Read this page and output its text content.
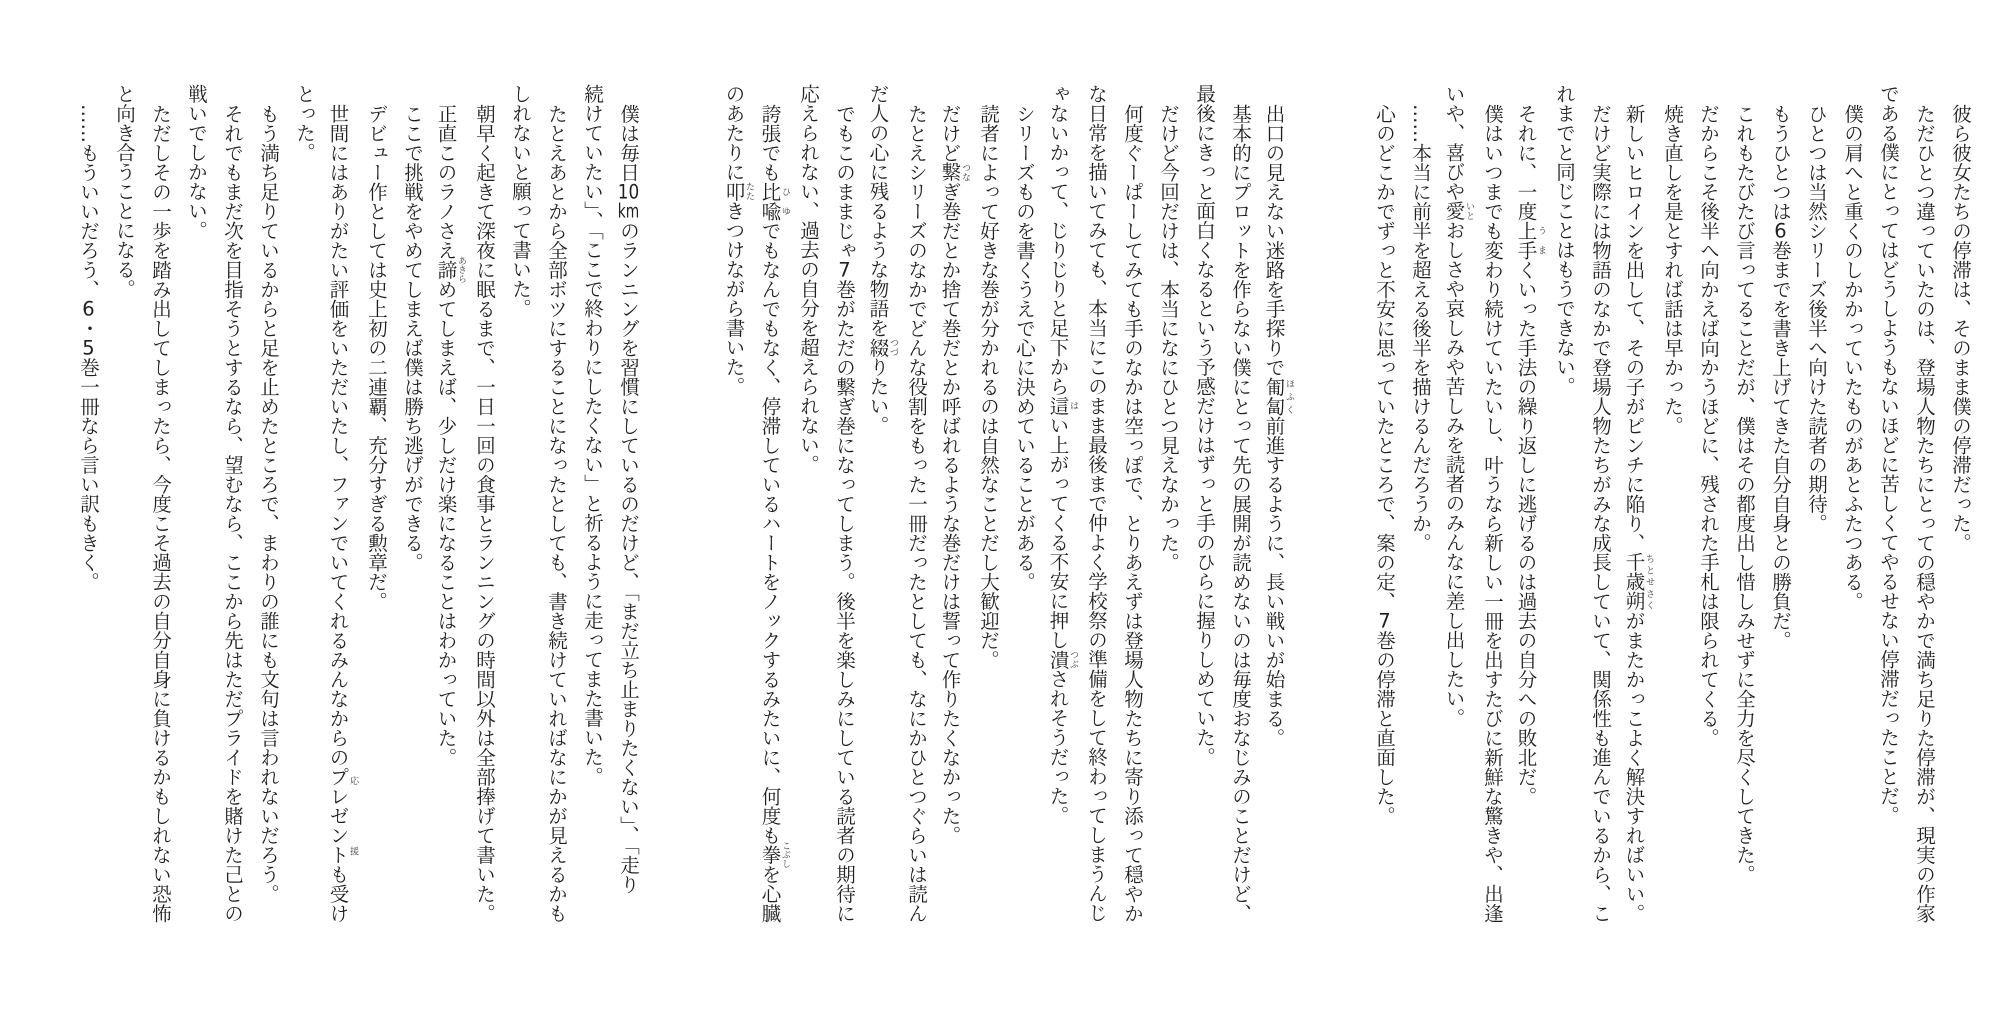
彼ら彼女たちの停滞は、そのまま僕の停滞だった。
ただひとつ違っていたのは、登場人物たちにとっての穏やかで満ち足りた停滞が、現実の作家
である僕にとってはどうしようもないほどに苦しくてやるせない停滞だったことだ。
僕の肩へと重くのしかかっていたものがあとふたつある。
ひとつは当然シリーズ後半へ向けた読者の期待。
もうひとつは6巻までを書き上げてきた自分自身との勝負だ。
これもたびたび言ってることだが、僕はその都度出し惜しみせずに全力を尽くしてきた。
だからこそ後半へ向かえば向かうほどに、残された手札は限られてくる。
焼き直しを是とすれば話は早かった。
新しいヒロインを出して、その子がピンチに陥り、千歳朔ちとせさくがまたかっこよく解決すればいい。
だけど実際には物語のなかで登場人物たちがみな成長していて、関係性も進んでいるから、こ
れまでと同じことはもうできない。
それに、一度上手うまくいった手法の繰り返しに逃げるのは過去の自分への敗北だ。
僕はいつまでも変わり続けていたいし、叶うなら新しい一冊を出すたびに新鮮な驚きや、出逢
いや、喜びや愛いとおしさや哀しみや苦しみを読者のみんなに差し出したい。
……本当に前半を超える後半を描けるんだろうか。
心のどこかでずっと不安に思っていたところで、案の定、7巻の停滞と直面した。
出口の見えない迷路を手探りで匍匐ほふく前進するように、長い戦いが始まる。
基本的にプロットを作らない僕にとって先の展開が読めないのは毎度おなじみのことだけど、
最後にきっと面白くなるという予感だけはずっと手のひらに握りしめていた。
だけど今回だけは、本当になにひとつ見えなかった。
何度ぐーぱーしてみても手のなかは空っぽで、とりあえずは登場人物たちに寄り添って穏やか
な日常を描いてみても、本当にこのまま最後まで仲よく学校祭の準備をして終わってしまうんじ
ゃないかって、じりじりと足下から這はい上がってくる不安に押し潰つぶされそうだった。
シリーズものを書くうえで心に決めていることがある。
読者によって好きな巻が分かれるのは自然なことだし大歓迎だ。
だけど繋つなぎ巻だとか捨て巻だとか呼ばれるような巻だけは誓って作りたくなかった。
たとえシリーズのなかでどんな役割をもった一冊だったとしても、なにかひとつぐらいは読ん
だ人の心に残るような物語を綴つづりたい。
でもこのままじゃ7巻がただの繋ぎ巻になってしまう。後半を楽しみにしている読者の期待に
応えられない、過去の自分を超えられない。
誇張でも比喩ひゆでもなんでもなく、停滞しているハートをノックするみたいに、何度も拳こぶしを心臓
のあたりに叩たたきつけながら書いた。
僕は毎日10kmのランニングを習慣にしているのだけど、「まだ立ち止まりたくない」、「走り
続けていたい」、「ここで終わりにしたくない」と祈るように走ってまた書いた。
たとえあとから全部ボツにすることになったとしても、書き続けていればなにかが見えるかも
しれないと願って書いた。
朝早く起きて深夜に眠るまで、一日一回の食事とランニングの時間以外は全部捧げて書いた。
正直このラノさえ諦あきらめてしまえば、少しだけ楽になることはわかっていた。
ここで挑戦をやめてしまえば僕は勝ち逃げができる。
デビュー作としては史上初の二連覇、充分すぎる勲章だ。
世間にはありがたい評価をいただいたし、ファンでいてくれるみんなからのプレゼント応援も受け
とった。
もう満ち足りているからと足を止めたところで、まわりの誰にも文句は言われないだろう。
それでもまだ次を目指そうとするなら、望むなら、ここから先はただプライドを賭けた己との
戦いでしかない。
ただしその一歩を踏み出してしまったら、今度こそ過去の自分自身に負けるかもしれない恐怖
と向き合うことになる。
……もういいだろう、6・5巻一冊なら言い訳もきく。
